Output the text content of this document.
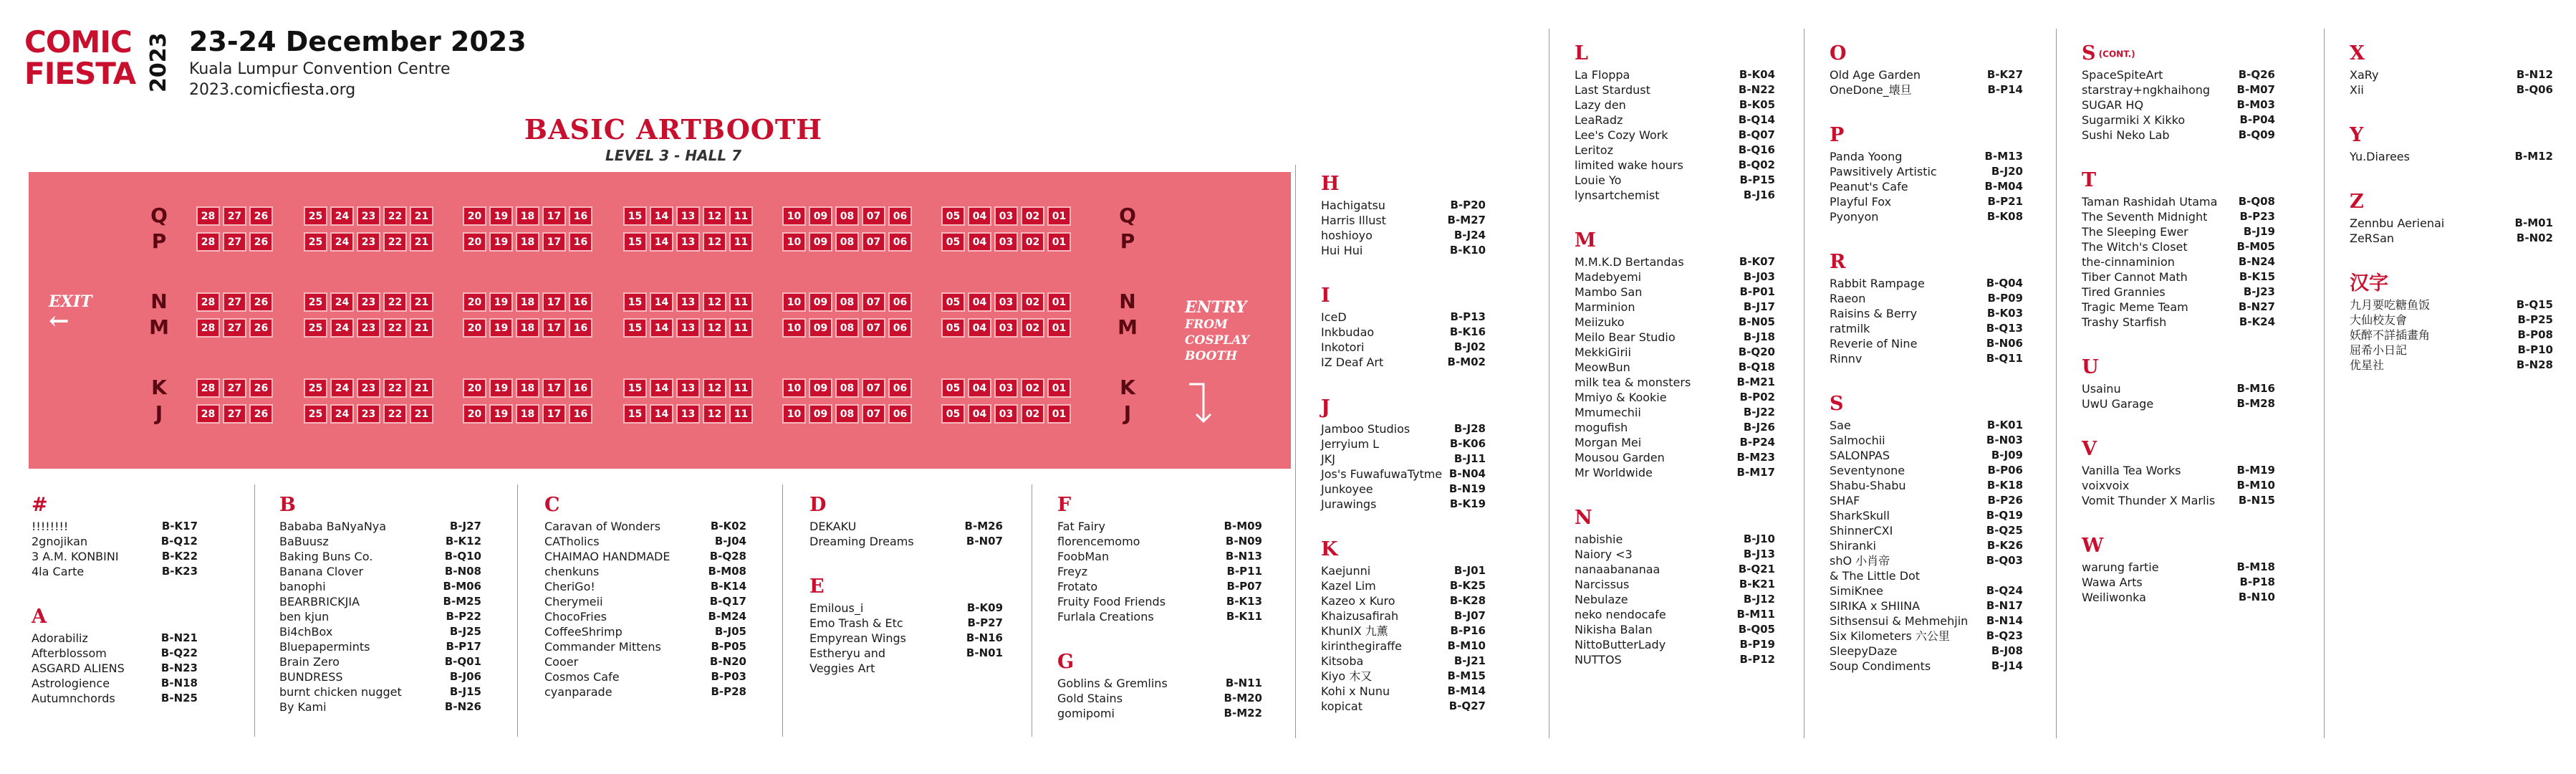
COMIC
FIESTA 2023 23-24 December 2023
Kuala Lumpur Convention Centre
2023.comicfiesta.org
BASIC ARTBOOTH
LEVEL 3 - HALL 7
EXIT
←	ENTRY
FROM
COSPLAY
BOOTH
Q	Q
28	27	26	25	24	23	22	21	20	19	18	17	16	15	14	13	12	11	10	09	08	07	06	05	04	03	02	01
P	P
28	27	26	25	24	23	22	21	20	19	18	17	16	15	14	13	12	11	10	09	08	07	06	05	04	03	02	01
N	N
28	27	26	25	24	23	22	21	20	19	18	17	16	15	14	13	12	11	10	09	08	07	06	05	04	03	02	01
M	M
28	27	26	25	24	23	22	21	20	19	18	17	16	15	14	13	12	11	10	09	08	07	06	05	04	03	02	01
K	K
28	27	26	25	24	23	22	21	20	19	18	17	16	15	14	13	12	11	10	09	08	07	06	05	04	03	02	01
J	J
28	27	26	25	24	23	22	21	20	19	18	17	16	15	14	13	12	11	10	09	08	07	06	05	04	03	02	01
#
!!!!!!!!	B-K17
2gnojikan	B-Q12
3 A.M. KONBINI	B-K22
4la Carte	B-K23
A
Adorabiliz	B-N21
Afterblossom	B-Q22
ASGARD ALIENS	B-N23
Astrologience	B-N18
Autumnchords	B-N25
B
Bababa BaNyaNya	B-J27
BaBuusz	B-K12
Baking Buns Co.	B-Q10
Banana Clover	B-N08
banophi	B-M06
BEARBRICKJIA	B-M25
ben kjun	B-P22
Bi4chBox	B-J25
Bluepapermints	B-P17
Brain Zero	B-Q01
BUNDRESS	B-J06
burnt chicken nugget	B-J15
By Kami	B-N26
C
Caravan of Wonders	B-K02
CATholics	B-J04
CHAIMAO HANDMADE	B-Q28
chenkuns	B-M08
CheriGo!	B-K14
Cherymeii	B-Q17
ChocoFries	B-M24
CoffeeShrimp	B-J05
Commander Mittens	B-P05
Cooer	B-N20
Cosmos Cafe	B-P03
cyanparade	B-P28
D
DEKAKU	B-M26
Dreaming Dreams	B-N07
E
Emilous_i	B-K09
Emo Trash & Etc	B-P27
Empyrean Wings	B-N16
Estheryu and	B-N01
Veggies Art
F
Fat Fairy	B-M09
florencemomo	B-N09
FoobMan	B-N13
Freyz	B-P11
Frotato	B-P07
Fruity Food Friends	B-K13
Furlala Creations	B-K11
G
Goblins & Gremlins	B-N11
Gold Stains	B-M20
gomipomi	B-M22
H
Hachigatsu	B-P20
Harris Illust	B-M27
hoshioyo	B-J24
Hui Hui	B-K10
I
IceD	B-P13
Inkbudao	B-K16
Inkotori	B-J02
IZ Deaf Art	B-M02
J
Jamboo Studios	B-J28
Jerryium L	B-K06
JKJ	B-J11
Jos's FuwafuwaTytme B-N04
Junkoyee	B-N19
Jurawings	B-K19
K
Kaejunni	B-J01
Kazel Lim	B-K25
Kazeo x Kuro	B-K28
Khaizusafirah	B-J07
KhunIX 九薰	B-P16
kirinthegiraffe	B-M10
Kitsoba	B-J21
Kiyo 木又	B-M15
Kohi x Nunu	B-M14
kopicat	B-Q27
L
La Floppa	B-K04
Last Stardust	B-N22
Lazy den	B-K05
LeaRadz	B-Q14
Lee's Cozy Work	B-Q07
Leritoz	B-Q16
limited wake hours	B-Q02
Louie Yo	B-P15
lynsartchemist	B-J16
M
M.M.K.D Bertandas	B-K07
Madebyemi	B-J03
Mambo San	B-P01
Marminion	B-J17
Meiizuko	B-N05
Meilo Bear Studio	B-J18
MekkiGirii	B-Q20
MeowBun	B-Q18
milk tea & monsters	B-M21
Mmiyo & Kookie	B-P02
Mmumechii	B-J22
mogufish	B-J26
Morgan Mei	B-P24
Mousou Garden	B-M23
Mr Worldwide	B-M17
N
nabishie	B-J10
Naiory <3	B-J13
nanaabananaa	B-Q21
Narcissus	B-K21
Nebulaze	B-J12
neko nendocafe	B-M11
Nikisha Balan	B-Q05
NittoButterLady	B-P19
NUTTOS	B-P12
O
Old Age Garden	B-K27
OneDone_壊旦	B-P14
P
Panda Yoong	B-M13
Pawsitively Artistic	B-J20
Peanut's Cafe	B-M04
Playful Fox	B-P21
Pyonyon	B-K08
R
Rabbit Rampage	B-Q04
Raeon	B-P09
Raisins & Berry	B-K03
ratmilk	B-Q13
Reverie of Nine	B-N06
Rinnv	B-Q11
S
Sae	B-K01
Salmochii	B-N03
SALONPAS	B-J09
Seventynone	B-P06
Shabu-Shabu	B-K18
SHAF	B-P26
SharkSkull	B-Q19
ShinnerCXI	B-Q25
Shiranki	B-K26
shO 小肖帝	B-Q03
& The Little Dot
SimiKnee	B-Q24
SIRIKA x SHIINA	B-N17
Sithsensui & Mehmehjin B-N14
Six Kilometers 六公里	B-Q23
SleepyDaze	B-J08
Soup Condiments	B-J14
S (CONT.)
SpaceSpiteArt	B-Q26
starstray+ngkhaihong B-M07
SUGAR HQ	B-M03
Sugarmiki X Kikko	B-P04
Sushi Neko Lab	B-Q09
T
Taman Rashidah Utama B-Q08
The Seventh Midnight	B-P23
The Sleeping Ewer	B-J19
The Witch's Closet	B-M05
the-cinnaminion	B-N24
Tiber Cannot Math	B-K15
Tired Grannies	B-J23
Tragic Meme Team	B-N27
Trashy Starfish	B-K24
U
Usainu	B-M16
UwU Garage	B-M28
V
Vanilla Tea Works	B-M19
voixvoix	B-M10
Vomit Thunder X Marlis B-N15
W
warung fartie	B-M18
Wawa Arts	B-P18
Weiliwonka	B-N10
X
XaRy	B-N12
Xii	B-Q06
Y
Yu.Diarees	B-M12
Z
Zennbu Aerienai	B-M01
ZeRSan	B-N02
汉字
九月要吃糖鱼饭	B-Q15
大仙校友會	B-P25
妖醉不詳插畫角	B-P08
屈希小日記	B-P10
优星社	B-N28
